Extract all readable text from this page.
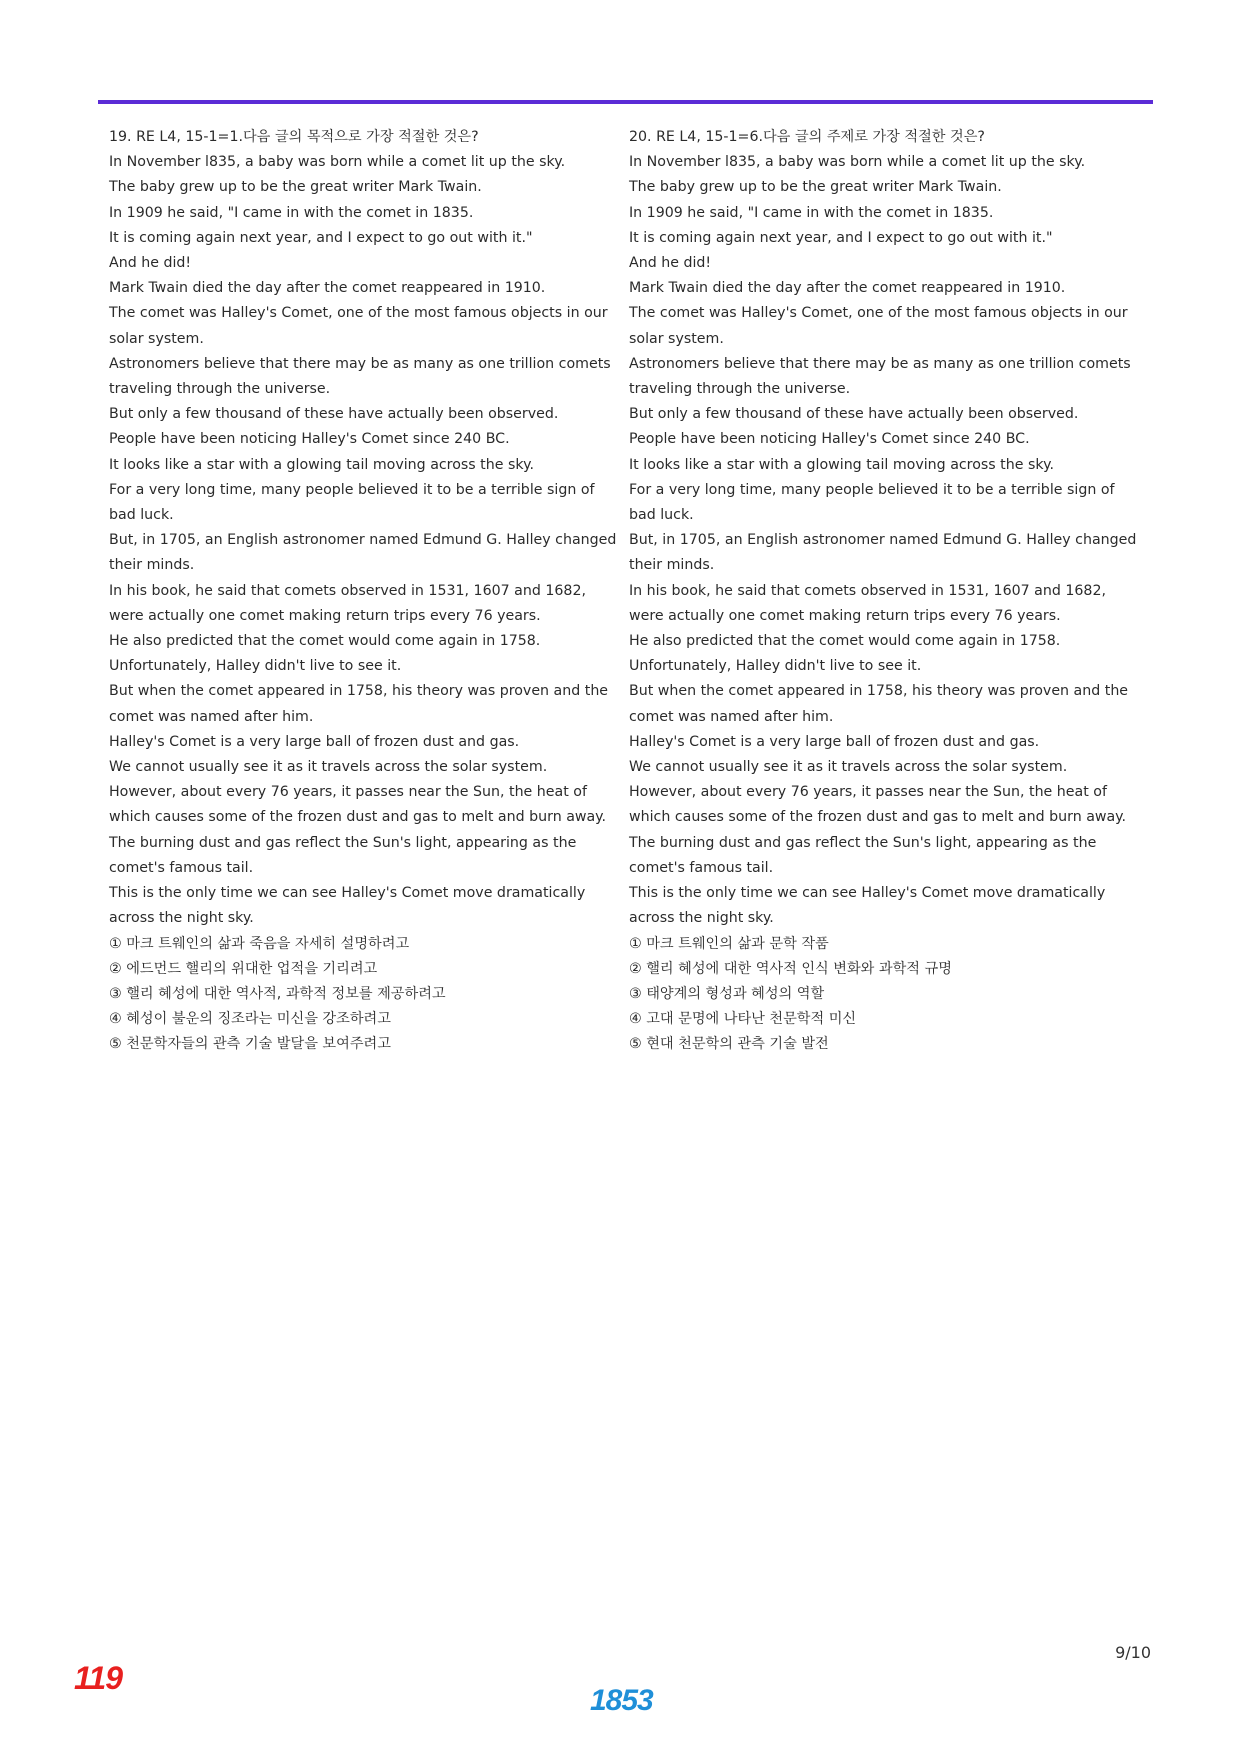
19. RE L4, 15-1=1.다음 글의 목적으로 가장 적절한 것은?

In November l835, a baby was born while a comet lit up the sky.

The baby grew up to be the great writer Mark Twain.

In 1909 he said, "I came in with the comet in 1835.

It is coming again next year, and I expect to go out with it."

And he did!

Mark Twain died the day after the comet reappeared in 1910.

The comet was Halley's Comet, one of the most famous objects in our solar system.

Astronomers believe that there may be as many as one trillion comets traveling through the universe.

But only a few thousand of these have actually been observed.

People have been noticing Halley's Comet since 240 BC.

It looks like a star with a glowing tail moving across the sky.

For a very long time, many people believed it to be a terrible sign of bad luck.

But, in 1705, an English astronomer named Edmund G. Halley changed their minds.

In his book, he said that comets observed in 1531, 1607 and 1682, were actually one comet making return trips every 76 years.

He also predicted that the comet would come again in 1758.

Unfortunately, Halley didn't live to see it.

But when the comet appeared in 1758, his theory was proven and the comet was named after him.

Halley's Comet is a very large ball of frozen dust and gas.

We cannot usually see it as it travels across the solar system.

However, about every 76 years, it passes near the Sun, the heat of which causes some of the frozen dust and gas to melt and burn away.

The burning dust and gas reflect the Sun's light, appearing as the comet's famous tail.

This is the only time we can see Halley's Comet move dramatically across the night sky.

① 마크 트웨인의 삶과 죽음을 자세히 설명하려고

② 에드먼드 핼리의 위대한 업적을 기리려고

③ 핼리 혜성에 대한 역사적, 과학적 정보를 제공하려고

④ 혜성이 불운의 징조라는 미신을 강조하려고

⑤ 천문학자들의 관측 기술 발달을 보여주려고

20. RE L4, 15-1=6.다음 글의 주제로 가장 적절한 것은?

In November l835, a baby was born while a comet lit up the sky.

The baby grew up to be the great writer Mark Twain.

In 1909 he said, "I came in with the comet in 1835.

It is coming again next year, and I expect to go out with it."

And he did!

Mark Twain died the day after the comet reappeared in 1910.

The comet was Halley's Comet, one of the most famous objects in our solar system.

Astronomers believe that there may be as many as one trillion comets traveling through the universe.

But only a few thousand of these have actually been observed.

People have been noticing Halley's Comet since 240 BC.

It looks like a star with a glowing tail moving across the sky.

For a very long time, many people believed it to be a terrible sign of bad luck.

But, in 1705, an English astronomer named Edmund G. Halley changed their minds.

In his book, he said that comets observed in 1531, 1607 and 1682, were actually one comet making return trips every 76 years.

He also predicted that the comet would come again in 1758.

Unfortunately, Halley didn't live to see it.

But when the comet appeared in 1758, his theory was proven and the comet was named after him.

Halley's Comet is a very large ball of frozen dust and gas.

We cannot usually see it as it travels across the solar system.

However, about every 76 years, it passes near the Sun, the heat of which causes some of the frozen dust and gas to melt and burn away.

The burning dust and gas reflect the Sun's light, appearing as the comet's famous tail.

This is the only time we can see Halley's Comet move dramatically across the night sky.

① 마크 트웨인의 삶과 문학 작품

② 핼리 혜성에 대한 역사적 인식 변화와 과학적 규명

③ 태양계의 형성과 혜성의 역할

④ 고대 문명에 나타난 천문학적 미신

⑤ 현대 천문학의 관측 기술 발전

9/10
119
1853
